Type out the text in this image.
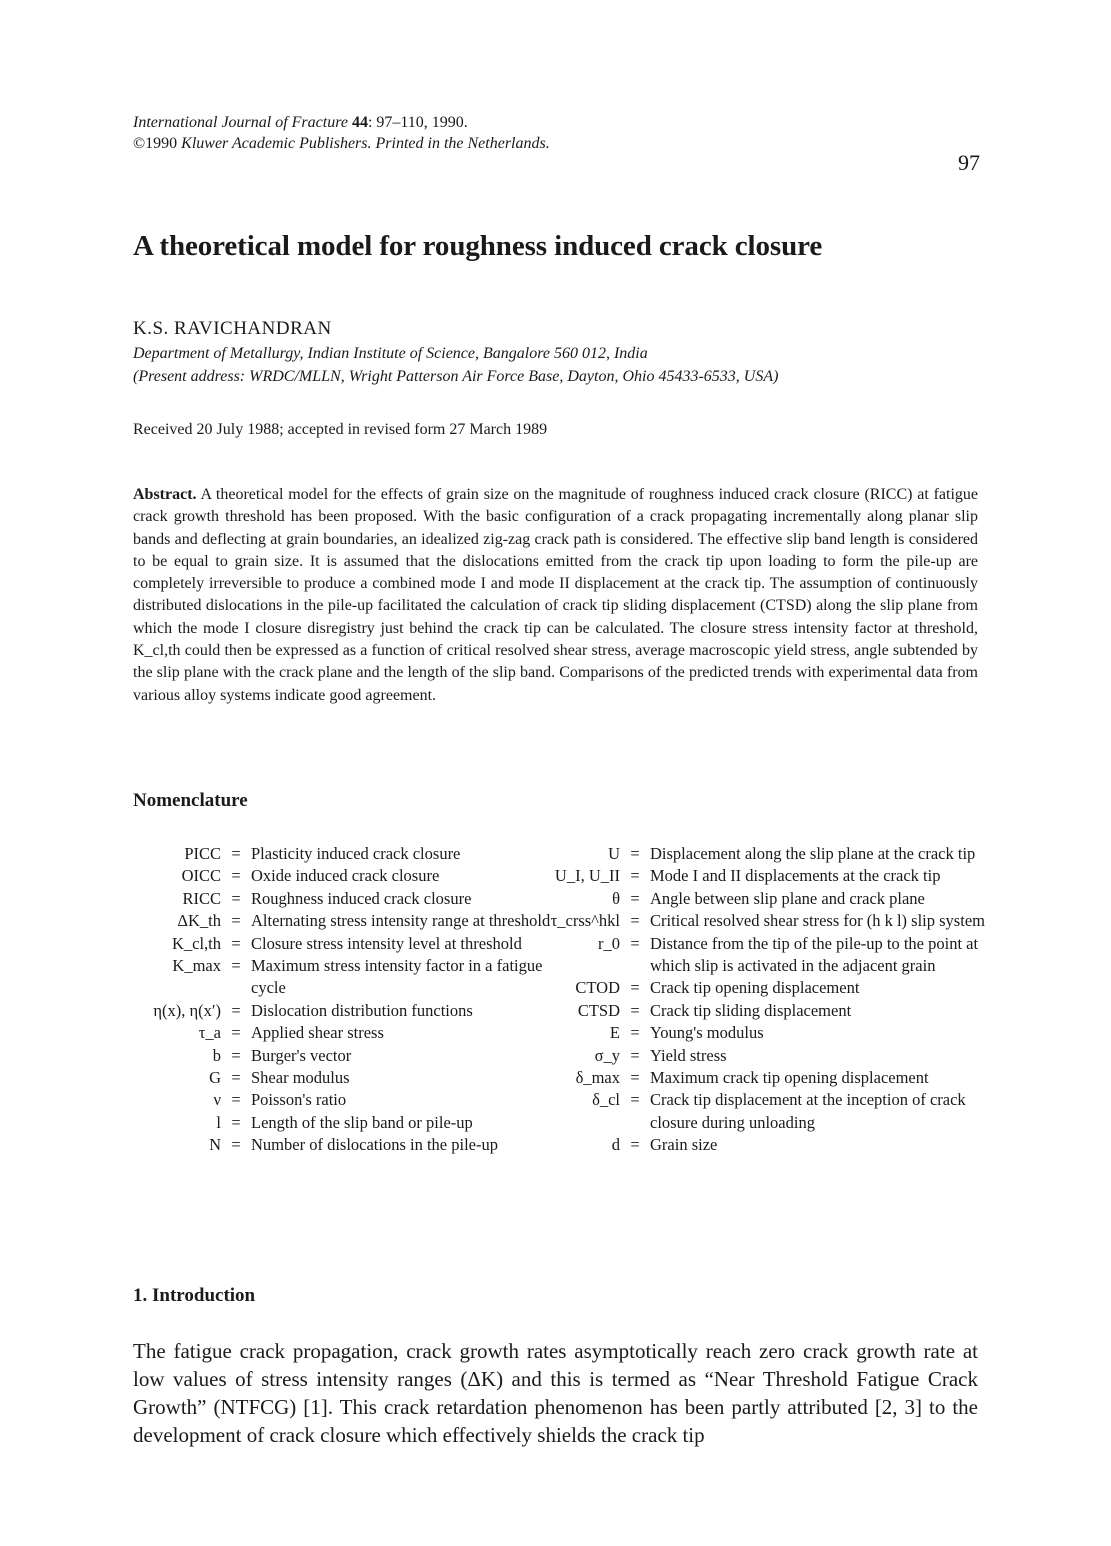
International Journal of Fracture 44: 97–110, 1990.
©1990 Kluwer Academic Publishers. Printed in the Netherlands.
97
A theoretical model for roughness induced crack closure
K.S. RAVICHANDRAN
Department of Metallurgy, Indian Institute of Science, Bangalore 560 012, India
(Present address: WRDC/MLLN, Wright Patterson Air Force Base, Dayton, Ohio 45433-6533, USA)
Received 20 July 1988; accepted in revised form 27 March 1989
Abstract. A theoretical model for the effects of grain size on the magnitude of roughness induced crack closure (RICC) at fatigue crack growth threshold has been proposed. With the basic configuration of a crack propagating incrementally along planar slip bands and deflecting at grain boundaries, an idealized zig-zag crack path is considered. The effective slip band length is considered to be equal to grain size. It is assumed that the dislocations emitted from the crack tip upon loading to form the pile-up are completely irreversible to produce a combined mode I and mode II displacement at the crack tip. The assumption of continuously distributed dislocations in the pile-up facilitated the calculation of crack tip sliding displacement (CTSD) along the slip plane from which the mode I closure disregistry just behind the crack tip can be calculated. The closure stress intensity factor at threshold, K_cl,th could then be expressed as a function of critical resolved shear stress, average macroscopic yield stress, angle subtended by the slip plane with the crack plane and the length of the slip band. Comparisons of the predicted trends with experimental data from various alloy systems indicate good agreement.
Nomenclature
PICC = Plasticity induced crack closure
OICC = Oxide induced crack closure
RICC = Roughness induced crack closure
ΔK_th = Alternating stress intensity range at threshold
K_cl,th = Closure stress intensity level at threshold
K_max = Maximum stress intensity factor in a fatigue cycle
η(x), η(x′) = Dislocation distribution functions
τ_a = Applied shear stress
b = Burger's vector
G = Shear modulus
ν = Poisson's ratio
l = Length of the slip band or pile-up
N = Number of dislocations in the pile-up
U = Displacement along the slip plane at the crack tip
U_I, U_II = Mode I and II displacements at the crack tip
θ = Angle between slip plane and crack plane
τ_crss^hkl = Critical resolved shear stress for (h k l) slip system
r_0 = Distance from the tip of the pile-up to the point at which slip is activated in the adjacent grain
CTOD = Crack tip opening displacement
CTSD = Crack tip sliding displacement
E = Young's modulus
σ_y = Yield stress
δ_max = Maximum crack tip opening displacement
δ_cl = Crack tip displacement at the inception of crack closure during unloading
d = Grain size
1. Introduction
The fatigue crack propagation, crack growth rates asymptotically reach zero crack growth rate at low values of stress intensity ranges (ΔK) and this is termed as “Near Threshold Fatigue Crack Growth” (NTFCG) [1]. This crack retardation phenomenon has been partly attributed [2, 3] to the development of crack closure which effectively shields the crack tip
